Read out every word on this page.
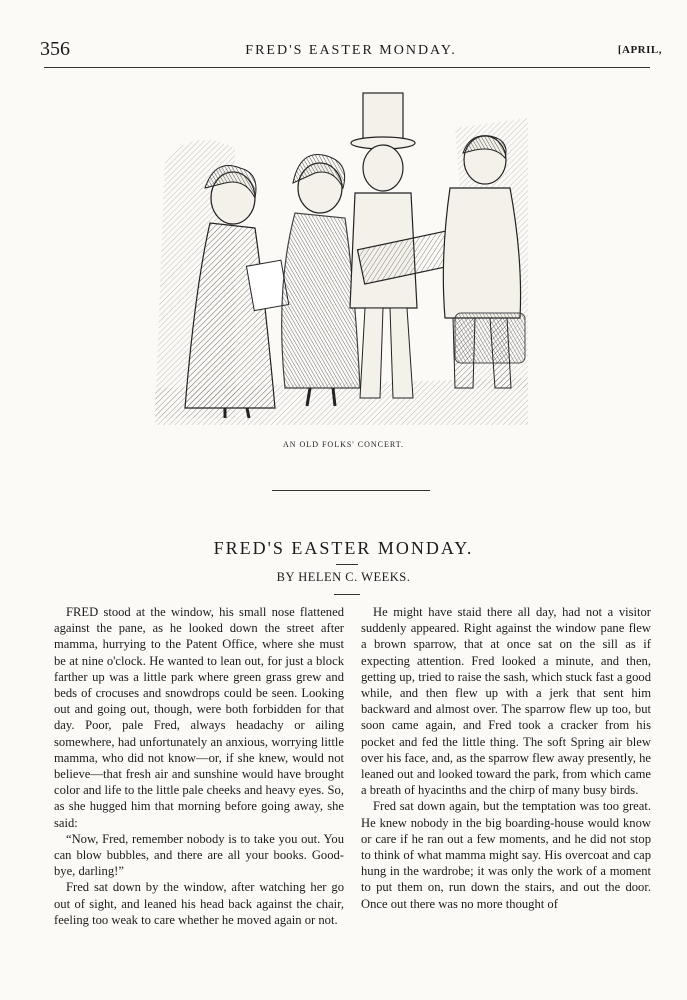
356	FRED'S EASTER MONDAY.	[APRIL,
AN OLD FOLKS' CONCERT.
FRED'S EASTER MONDAY.
BY HELEN C. WEEKS.

FRED stood at the window, his small nose flattened against the pane, as he looked down the street after mamma, hurrying to the Patent Office, where she must be at nine o'clock. He wanted to lean out, for just a block farther up was a little park where green grass grew and beds of crocuses and snowdrops could be seen. Looking out and going out, though, were both forbidden for that day. Poor, pale Fred, always headachy or ailing somewhere, had unfortunately an anxious, worrying little mamma, who did not know—or, if she knew, would not believe—that fresh air and sunshine would have brought color and life to the little pale cheeks and heavy eyes. So, as she hugged him that morning before going away, she said:

“Now, Fred, remember nobody is to take you out. You can blow bubbles, and there are all your books. Good-bye, darling!”

Fred sat down by the window, after watching her go out of sight, and leaned his head back against the chair, feeling too weak to care whether he moved again or not.

He might have staid there all day, had not a visitor suddenly appeared. Right against the window pane flew a brown sparrow, that at once sat on the sill as if expecting attention. Fred looked a minute, and then, getting up, tried to raise the sash, which stuck fast a good while, and then flew up with a jerk that sent him backward and almost over. The sparrow flew up too, but soon came again, and Fred took a cracker from his pocket and fed the little thing. The soft Spring air blew over his face, and, as the sparrow flew away presently, he leaned out and looked toward the park, from which came a breath of hyacinths and the chirp of many busy birds.

Fred sat down again, but the temptation was too great. He knew nobody in the big boarding-house would know or care if he ran out a few moments, and he did not stop to think of what mamma might say. His overcoat and cap hung in the wardrobe; it was only the work of a moment to put them on, run down the stairs, and out the door. Once out there was no more thought of
